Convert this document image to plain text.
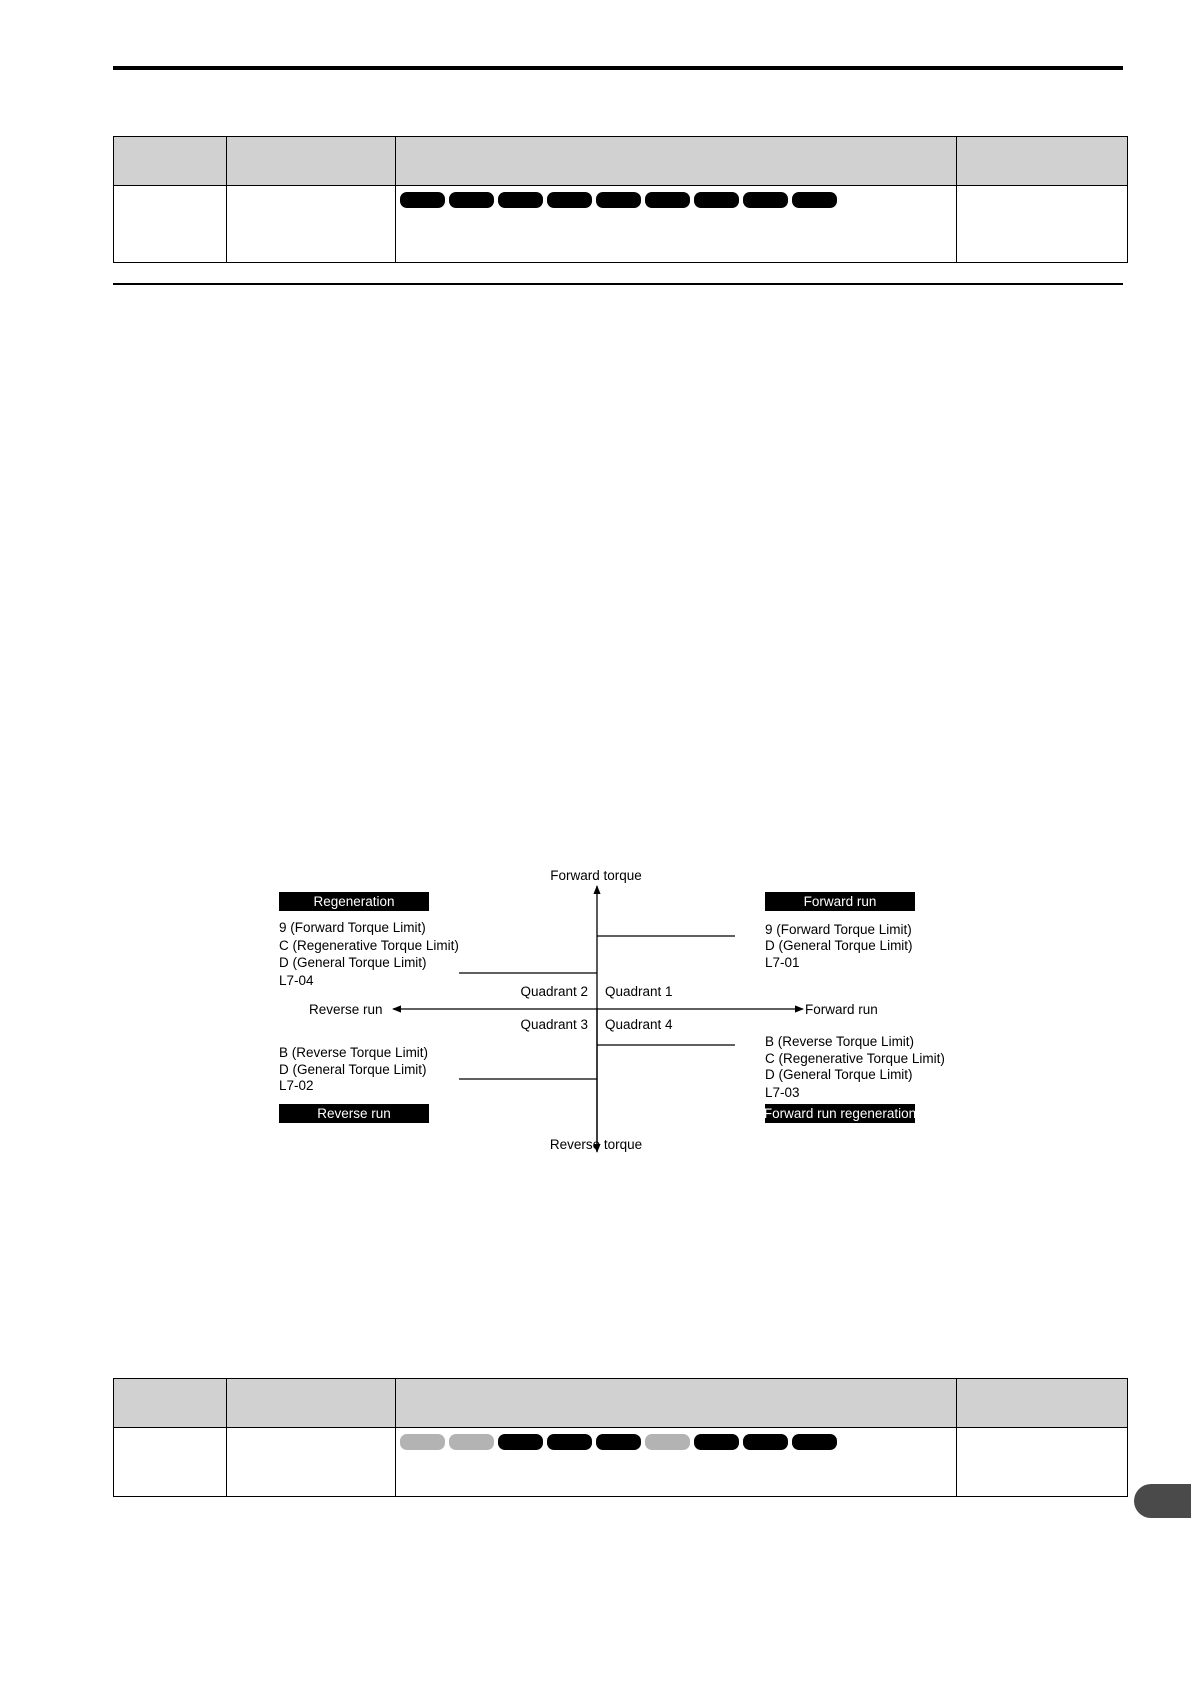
Forward torque
Reverse torque
Forward run
Reverse run
Quadrant 1
Quadrant 2
Quadrant 3 Quadrant 4
Regeneration	Forward run
Reverse run	Forward run regeneration
9 (Forward Torque Limit)
C (Regenerative Torque Limit)
D (General Torque Limit)
L7-04
9 (Forward Torque Limit)
D (General Torque Limit)
L7-01
B (Reverse Torque Limit)
D (General Torque Limit)
L7-02
B (Reverse Torque Limit)
C (Regenerative Torque Limit)
D (General Torque Limit)
L7-03
